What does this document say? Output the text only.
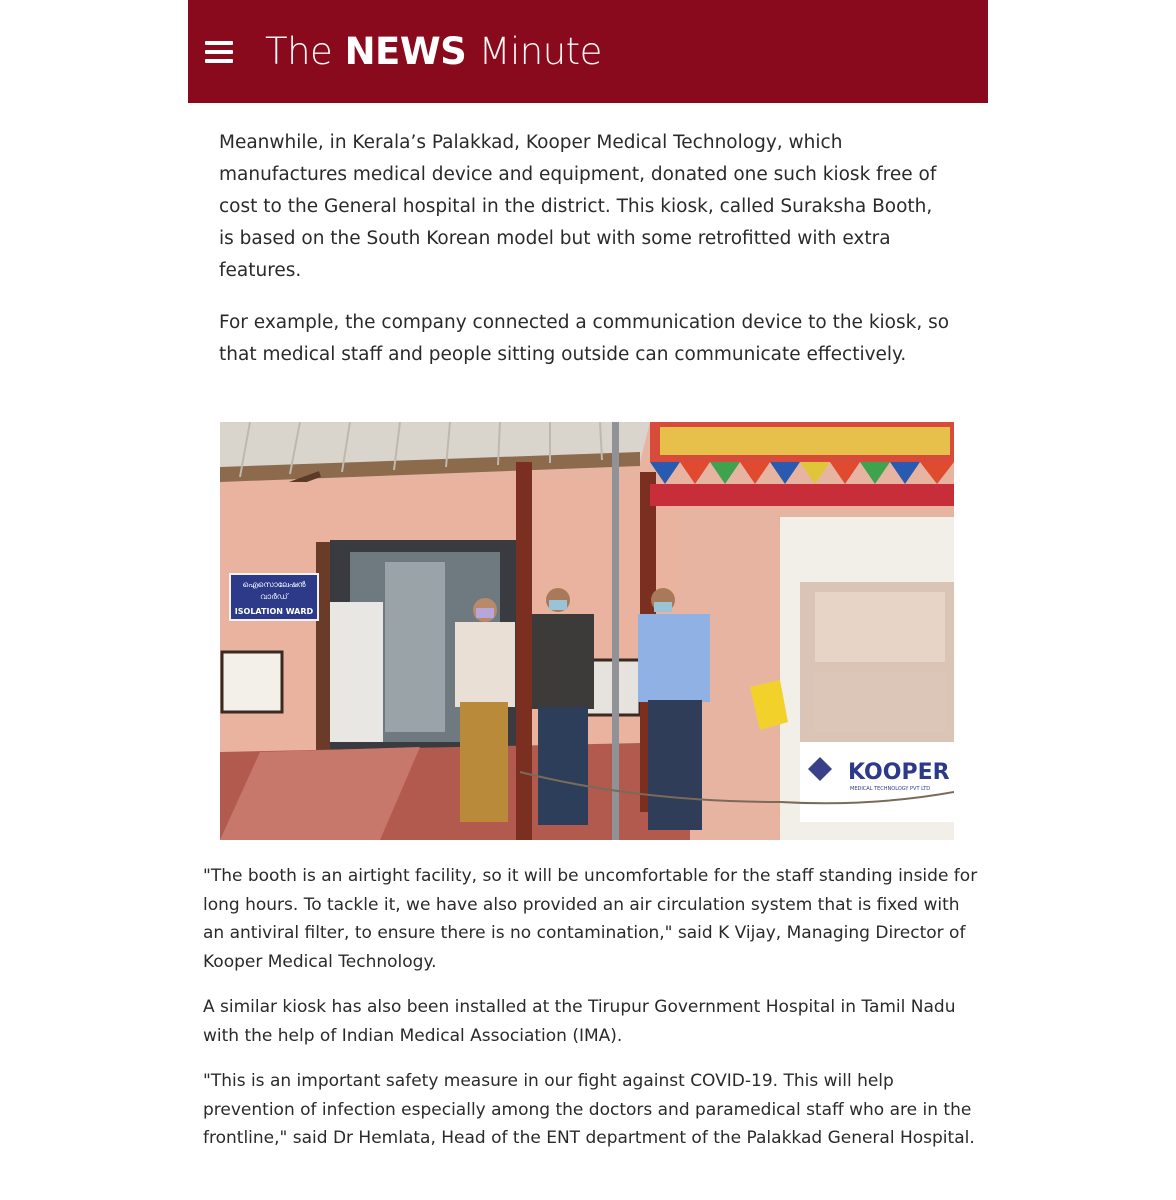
The NEWS Minute

Meanwhile, in Kerala’s Palakkad, Kooper Medical Technology, which manufactures medical device and equipment, donated one such kiosk free of cost to the General hospital in the district. This kiosk, called Suraksha Booth, is based on the South Korean model but with some retrofitted with extra features.

For example, the company connected a communication device to the kiosk, so that medical staff and people sitting outside can communicate effectively.

ഐസൊലേഷൻ
വാർഡ്
ISOLATION WARD
KOOPER
MEDICAL TECHNOLOGY PVT LTD

"The booth is an airtight facility, so it will be uncomfortable for the staff standing inside for long hours. To tackle it, we have also provided an air circulation system that is fixed with an antiviral filter, to ensure there is no contamination," said K Vijay, Managing Director of Kooper Medical Technology.

A similar kiosk has also been installed at the Tirupur Government Hospital in Tamil Nadu with the help of Indian Medical Association (IMA).

"This is an important safety measure in our fight against COVID-19. This will help prevention of infection especially among the doctors and paramedical staff who are in the frontline," said Dr Hemlata, Head of the ENT department of the Palakkad General Hospital.
